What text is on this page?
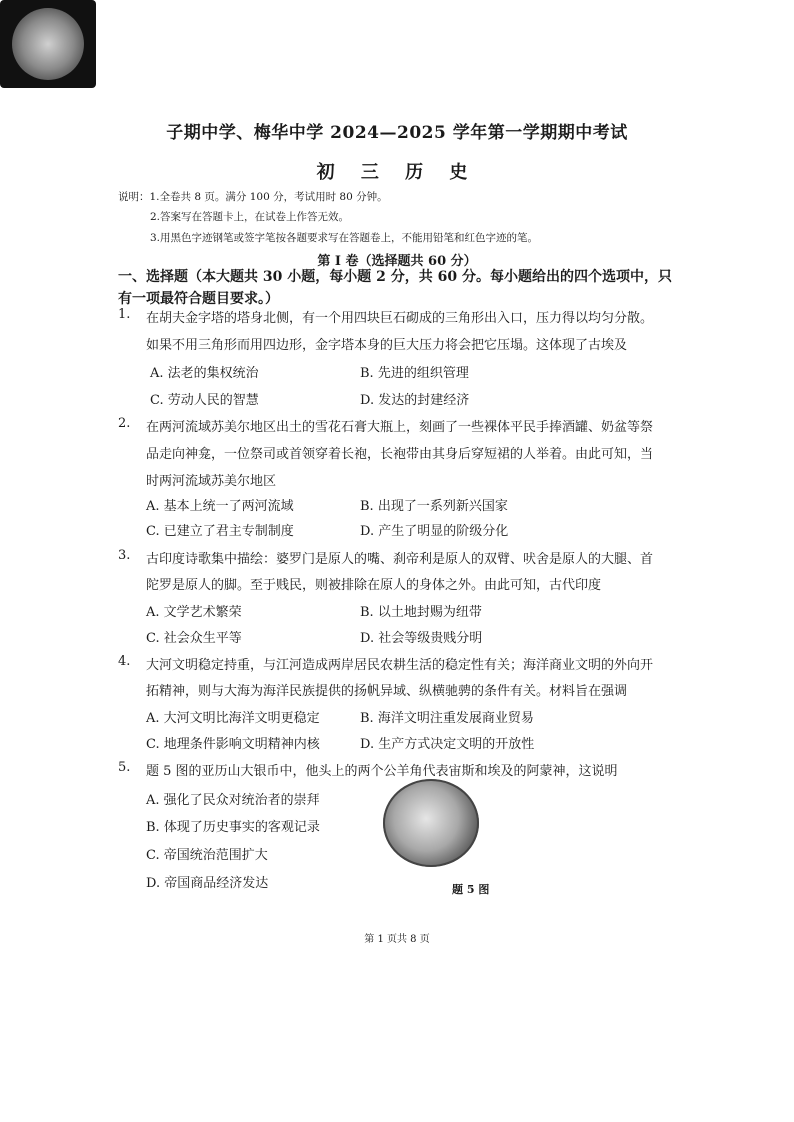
子期中学、梅华中学 2024—2025 学年第一学期期中考试
初 三 历 史
说明：1.全卷共 8 页。满分 100 分，考试用时 80 分钟。
2.答案写在答题卡上，在试卷上作答无效。
3.用黑色字迹钢笔或签字笔按各题要求写在答题卷上，不能用铅笔和红色字迹的笔。
第 I 卷（选择题共 60 分）
一、选择题（本大题共 30 小题，每小题 2 分，共 60 分。每小题给出的四个选项中，只有一项最符合题目要求。）
1. 在胡夫金字塔的塔身北侧，有一个用四块巨石砌成的三角形出入口，压力得以均匀分散。
如果不用三角形而用四边形，金字塔本身的巨大压力将会把它压塌。这体现了古埃及
A. 法老的集权统治	B. 先进的组织管理
C. 劳动人民的智慧	D. 发达的封建经济
2. 在两河流域苏美尔地区出土的雪花石膏大瓶上，刻画了一些裸体平民手捧酒罐、奶盆等祭
品走向神龛，一位祭司或首领穿着长袍，长袍带由其身后穿短裙的人举着。由此可知，当
时两河流域苏美尔地区
A. 基本上统一了两河流域	B. 出现了一系列新兴国家
C. 已建立了君主专制制度	D. 产生了明显的阶级分化
3. 古印度诗歌集中描绘：婆罗门是原人的嘴、刹帝利是原人的双臂、吠舍是原人的大腿、首
陀罗是原人的脚。至于贱民，则被排除在原人的身体之外。由此可知，古代印度
A. 文学艺术繁荣	B. 以土地封赐为纽带
C. 社会众生平等	D. 社会等级贵贱分明
4. 大河文明稳定持重，与江河造成两岸居民农耕生活的稳定性有关；海洋商业文明的外向开
拓精神，则与大海为海洋民族提供的扬帆异域、纵横驰骋的条件有关。材料旨在强调
A. 大河文明比海洋文明更稳定	B. 海洋文明注重发展商业贸易
C. 地理条件影响文明精神内核	D. 生产方式决定文明的开放性
5. 题 5 图的亚历山大银币中，他头上的两个公羊角代表宙斯和埃及的阿蒙神，这说明
A. 强化了民众对统治者的崇拜
B. 体现了历史事实的客观记录
C. 帝国统治范围扩大
D. 帝国商品经济发达	题 5 图
第 1 页共 8 页
